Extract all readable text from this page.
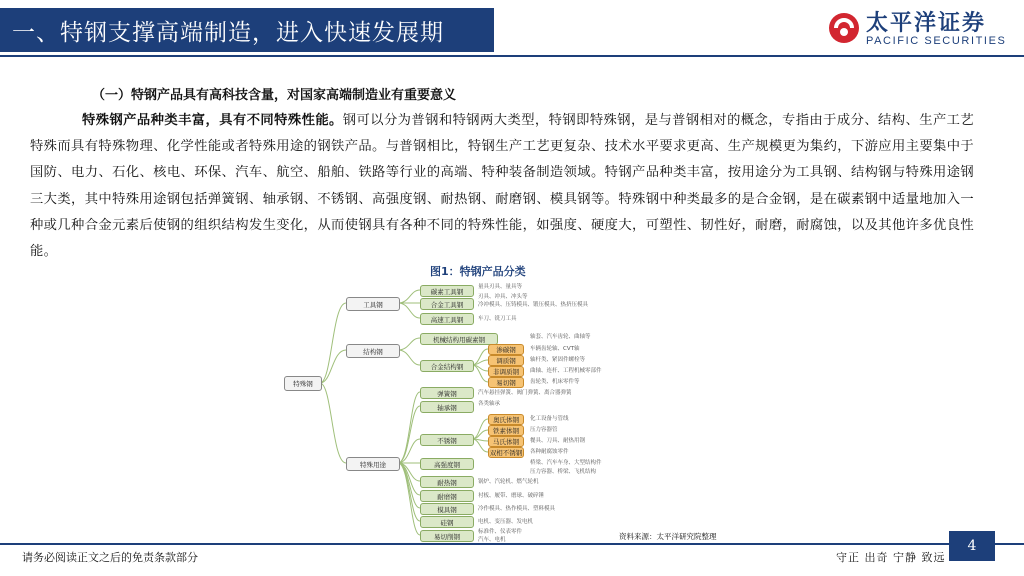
一、特钢支撑高端制造，进入快速发展期	太平洋证券
PACIFIC SECURITIES
（一）特钢产品具有高科技含量，对国家高端制造业有重要意义
特殊钢产品种类丰富，具有不同特殊性能。钢可以分为普钢和特钢两大类型，特钢即特殊钢，是与普钢相对的概念，专指由于成分、结构、生产工艺特殊而具有特殊物理、化学性能或者特殊用途的钢铁产品。与普钢相比，特钢生产工艺更复杂、技术水平要求更高、生产规模更为集约，下游应用主要集中于国防、电力、石化、核电、环保、汽车、航空、船舶、铁路等行业的高端、特种装备制造领域。特钢产品种类丰富，按用途分为工具钢、结构钢与特殊用途钢三大类，其中特殊用途钢包括弹簧钢、轴承钢、不锈钢、高强度钢、耐热钢、耐磨钢、模具钢等。特殊钢中种类最多的是合金钢，是在碳素钢中适量地加入一种或几种合金元素后使钢的组织结构发生变化，从而使钢具有各种不同的特殊性能，如强度、硬度大，可塑性、韧性好，耐磨，耐腐蚀，以及其他许多优良性能。
图1：特钢产品分类
特殊钢
工具钢
结构钢
特殊用途
碳素工具钢
合金工具钢
高速工具钢
量具刃具、量具等
刃具、冲具、冲头等
冷冲模具、压铸模具、锻压模具、热挤压模具
车刀、铣刀工具
机械结构用碳素钢
合金结构钢
渗碳钢
调质钢
非调质钢
易切钢
轴套、汽车齿轮、曲轴等
车辆齿轮轴、CVT轴
轴杆类、紧固件螺栓等
曲轴、连杆、工程机械零部件
齿轮类、机床零件等
弹簧钢
轴承钢
不锈钢
高强度钢
耐热钢
耐磨钢
模具钢
硅钢
易切削钢
奥氏体钢
铁素体钢
马氏体钢
双相不锈钢
汽车悬挂弹簧、阀门弹簧、离合器弹簧
各类轴承
化工设备与管线
压力容器管
餐具、刀具、耐热用钢
各种耐腐蚀零件
桥梁、汽车车身、大型结构件
压力容器、桥梁、飞机结构
锅炉、汽轮机、燃气轮机
衬板、履带、磨球、破碎锤
冷作模具、热作模具、塑料模具
电机、变压器、发电机
标准件、仪表零件
汽车、电机	资料来源：太平洋研究院整理
请务必阅读正文之后的免责条款部分	守正 出奇 宁静 致远
4
